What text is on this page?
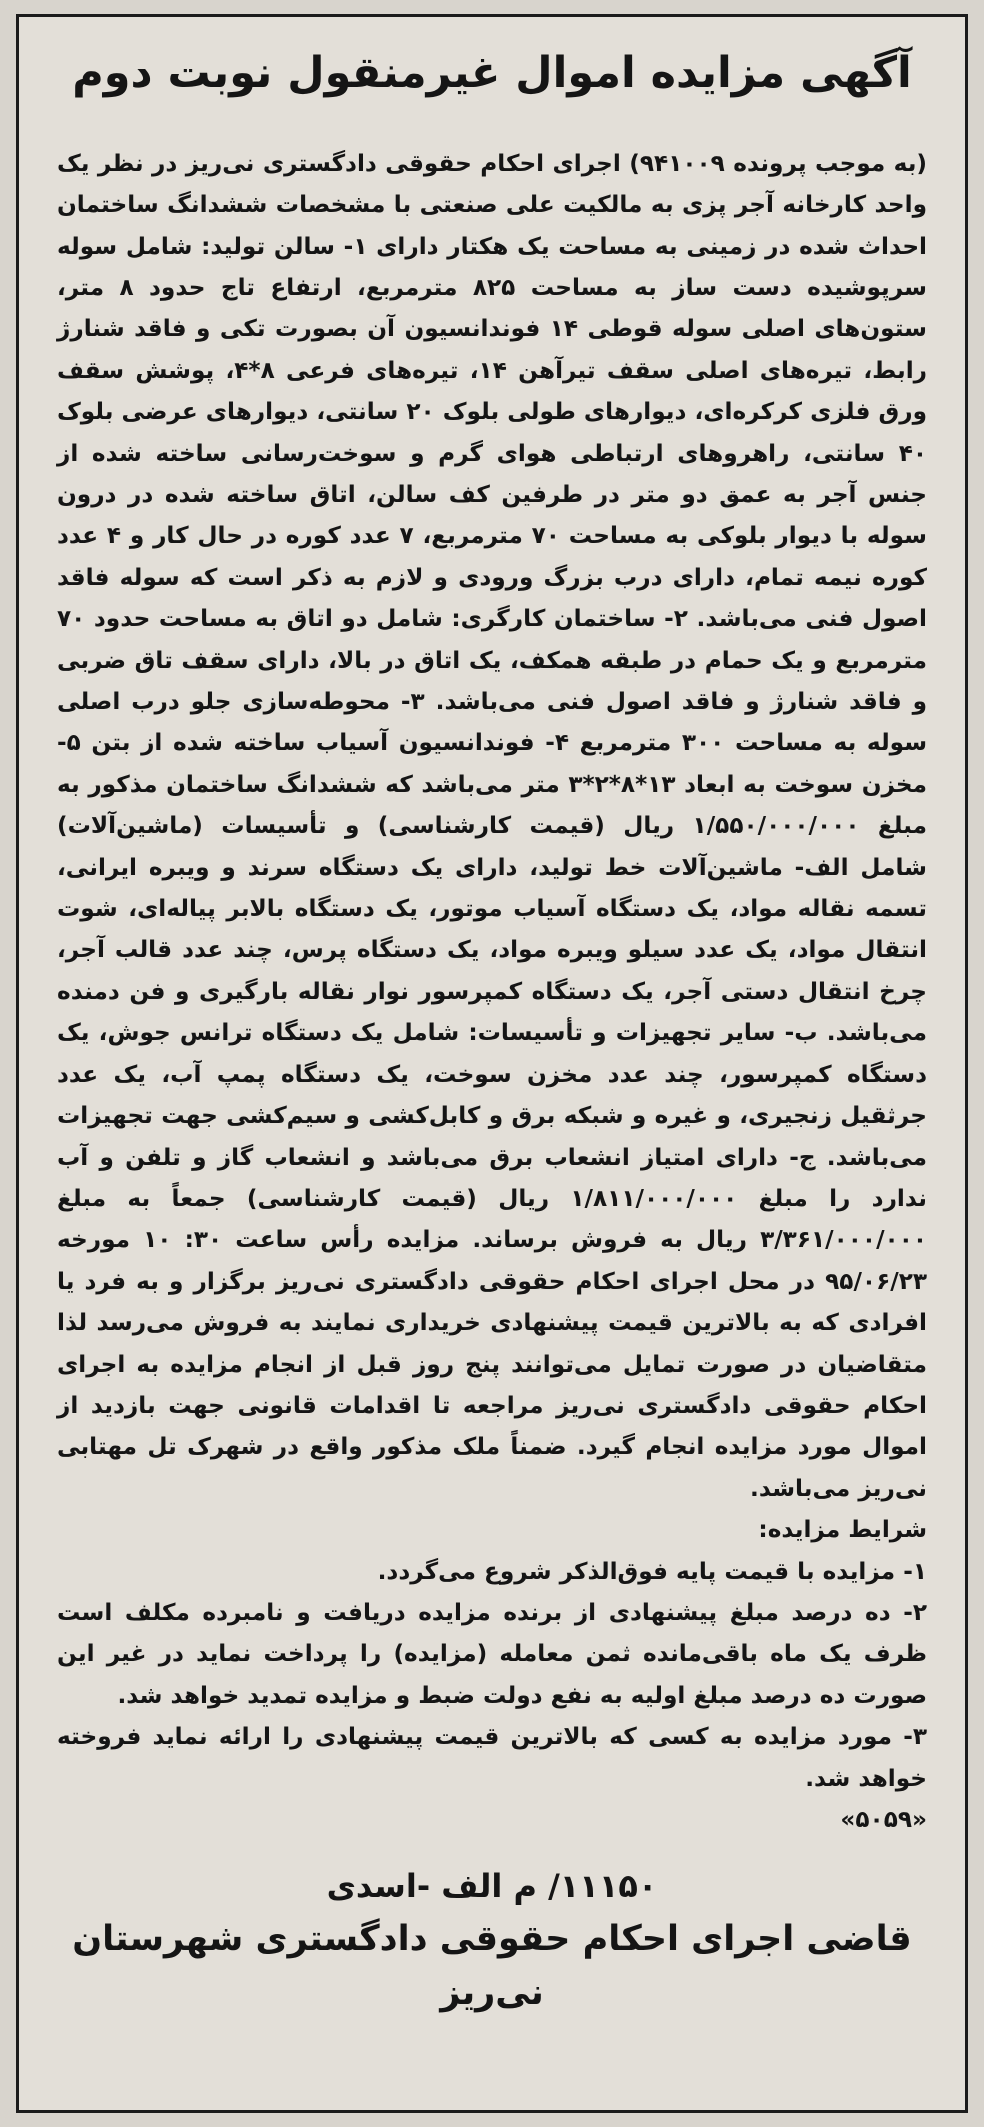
آگهی مزایده اموال غیرمنقول نوبت دوم

(به موجب پرونده ۹۴۱۰۰۹) اجرای احکام حقوقی دادگستری نی‌ریز در نظر یک واحد کارخانه آجر پزی به مالکیت علی صنعتی با مشخصات ششدانگ ساختمان احداث شده در زمینی به مساحت یک هکتار دارای ۱- سالن تولید: شامل سوله سرپوشیده دست ساز به مساحت ۸۲۵ مترمربع، ارتفاع تاج حدود ۸ متر، ستون‌های اصلی سوله قوطی ۱۴ فوندانسیون آن بصورت تکی و فاقد شنارژ رابط، تیره‌های اصلی سقف تیرآهن ۱۴، تیره‌های فرعی ۸*۴، پوشش سقف ورق فلزی کرکره‌ای، دیوارهای طولی بلوک ۲۰ سانتی، دیوارهای عرضی بلوک ۴۰ سانتی، راهروهای ارتباطی هوای گرم و سوخت‌رسانی ساخته شده از جنس آجر به عمق دو متر در طرفین کف سالن، اتاق ساخته شده در درون سوله با دیوار بلوکی به مساحت ۷۰ مترمربع، ۷ عدد کوره در حال کار و ۴ عدد کوره نیمه تمام، دارای درب بزرگ ورودی و لازم به ذکر است که سوله فاقد اصول فنی می‌باشد. ۲- ساختمان کارگری: شامل دو اتاق به مساحت حدود ۷۰ مترمربع و یک حمام در طبقه همکف، یک اتاق در بالا، دارای سقف تاق ضربی و فاقد شنارژ و فاقد اصول فنی می‌باشد. ۳- محوطه‌سازی جلو درب اصلی سوله به مساحت ۳۰۰ مترمربع ۴- فوندانسیون آسیاب ساخته شده از بتن ۵- مخزن سوخت به ابعاد ۱۳*۸*۲*۳ متر می‌باشد که ششدانگ ساختمان مذکور به مبلغ ۱/۵۵۰/۰۰۰/۰۰۰ ریال (قیمت کارشناسی) و تأسیسات (ماشین‌آلات) شامل الف- ماشین‌آلات خط تولید، دارای یک دستگاه سرند و ویبره ایرانی، تسمه نقاله مواد، یک دستگاه آسیاب موتور، یک دستگاه بالابر پیاله‌ای، شوت انتقال مواد، یک عدد سیلو ویبره مواد، یک دستگاه پرس، چند عدد قالب آجر، چرخ انتقال دستی آجر، یک دستگاه کمپرسور نوار نقاله بارگیری و فن دمنده می‌باشد. ب- سایر تجهیزات و تأسیسات: شامل یک دستگاه ترانس جوش، یک دستگاه کمپرسور، چند عدد مخزن سوخت، یک دستگاه پمپ آب، یک عدد جرثقیل زنجیری، و غیره و شبکه برق و کابل‌کشی و سیم‌کشی جهت تجهیزات می‌باشد. ج- دارای امتیاز انشعاب برق می‌باشد و انشعاب گاز و تلفن و آب ندارد را مبلغ ۱/۸۱۱/۰۰۰/۰۰۰ ریال (قیمت کارشناسی) جمعاً به مبلغ ۳/۳۶۱/۰۰۰/۰۰۰ ریال به فروش برساند. مزایده رأس ساعت ۳۰: ۱۰ مورخه ۹۵/۰۶/۲۳ در محل اجرای احکام حقوقی دادگستری نی‌ریز برگزار و به فرد یا افرادی که به بالاترین قیمت پیشنهادی خریداری نمایند به فروش می‌رسد لذا متقاضیان در صورت تمایل می‌توانند پنج روز قبل از انجام مزایده به اجرای احکام حقوقی دادگستری نی‌ریز مراجعه تا اقدامات قانونی جهت بازدید از اموال مورد مزایده انجام گیرد. ضمناً ملک مذکور واقع در شهرک تل مهتابی نی‌ریز می‌باشد.

شرایط مزایده:

۱- مزایده با قیمت پایه فوق‌الذکر شروع می‌گردد.

۲- ده درصد مبلغ پیشنهادی از برنده مزایده دریافت و نامبرده مکلف است ظرف یک ماه باقی‌مانده ثمن معامله (مزایده) را پرداخت نماید در غیر این صورت ده درصد مبلغ اولیه به نفع دولت ضبط و مزایده تمدید خواهد شد.

۳- مورد مزایده به کسی که بالاترین قیمت پیشنهادی را ارائه نماید فروخته خواهد شد.

«۵۰۵۹»

۱۱۱۵۰/ م الف -اسدی
قاضی اجرای احکام حقوقی دادگستری شهرستان نی‌ریز
